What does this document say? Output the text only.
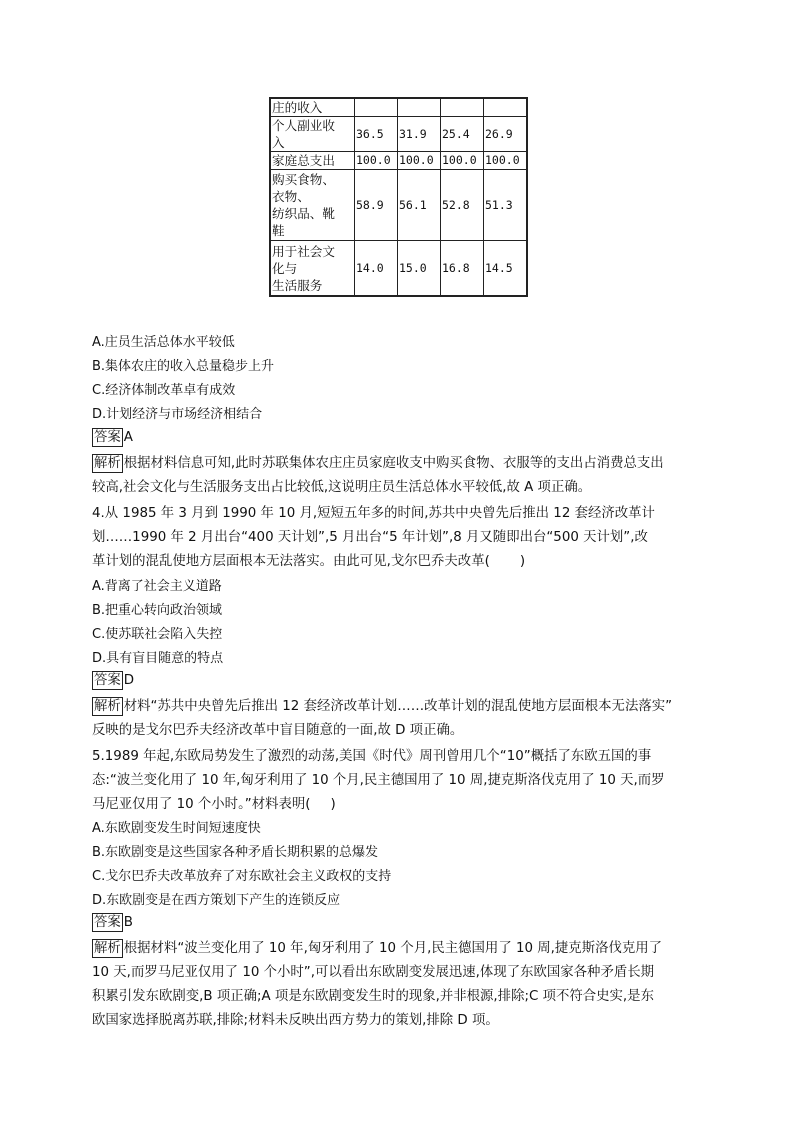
庄的收入				
个人副业收
入	36.5	31.9	25.4	26.9
家庭总支出	100.0	100.0	100.0	100.0
购买食物、
衣物、
纺织品、靴
鞋	58.9	56.1	52.8	51.3
用于社会文
化与
生活服务	14.0	15.0	16.8	14.5
A.庄员生活总体水平较低
B.集体农庄的收入总量稳步上升
C.经济体制改革卓有成效
D.计划经济与市场经济相结合
答案 A
解析 根据材料信息可知,此时苏联集体农庄庄员家庭收支中购买食物、衣服等的支出占消费总支出
较高,社会文化与生活服务支出占比较低,这说明庄员生活总体水平较低,故 A 项正确。
4.从 1985 年 3 月到 1990 年 10 月,短短五年多的时间,苏共中央曾先后推出 12 套经济改革计
划……1990 年 2 月出台“400 天计划”,5 月出台“5 年计划”,8 月又随即出台“500 天计划”,改
革计划的混乱使地方层面根本无法落实。由此可见,戈尔巴乔夫改革( )
A.背离了社会主义道路
B.把重心转向政治领域
C.使苏联社会陷入失控
D.具有盲目随意的特点
答案 D
解析 材料“苏共中央曾先后推出 12 套经济改革计划……改革计划的混乱使地方层面根本无法落实”
反映的是戈尔巴乔夫经济改革中盲目随意的一面,故 D 项正确。
5.1989 年起,东欧局势发生了激烈的动荡,美国《时代》周刊曾用几个“10”概括了东欧五国的事
态:“波兰变化用了 10 年,匈牙利用了 10 个月,民主德国用了 10 周,捷克斯洛伐克用了 10 天,而罗
马尼亚仅用了 10 个小时。”材料表明( )
A.东欧剧变发生时间短速度快
B.东欧剧变是这些国家各种矛盾长期积累的总爆发
C.戈尔巴乔夫改革放弃了对东欧社会主义政权的支持
D.东欧剧变是在西方策划下产生的连锁反应
答案 B
解析 根据材料“波兰变化用了 10 年,匈牙利用了 10 个月,民主德国用了 10 周,捷克斯洛伐克用了
10 天,而罗马尼亚仅用了 10 个小时”,可以看出东欧剧变发展迅速,体现了东欧国家各种矛盾长期
积累引发东欧剧变,B 项正确;A 项是东欧剧变发生时的现象,并非根源,排除;C 项不符合史实,是东
欧国家选择脱离苏联,排除;材料未反映出西方势力的策划,排除 D 项。
